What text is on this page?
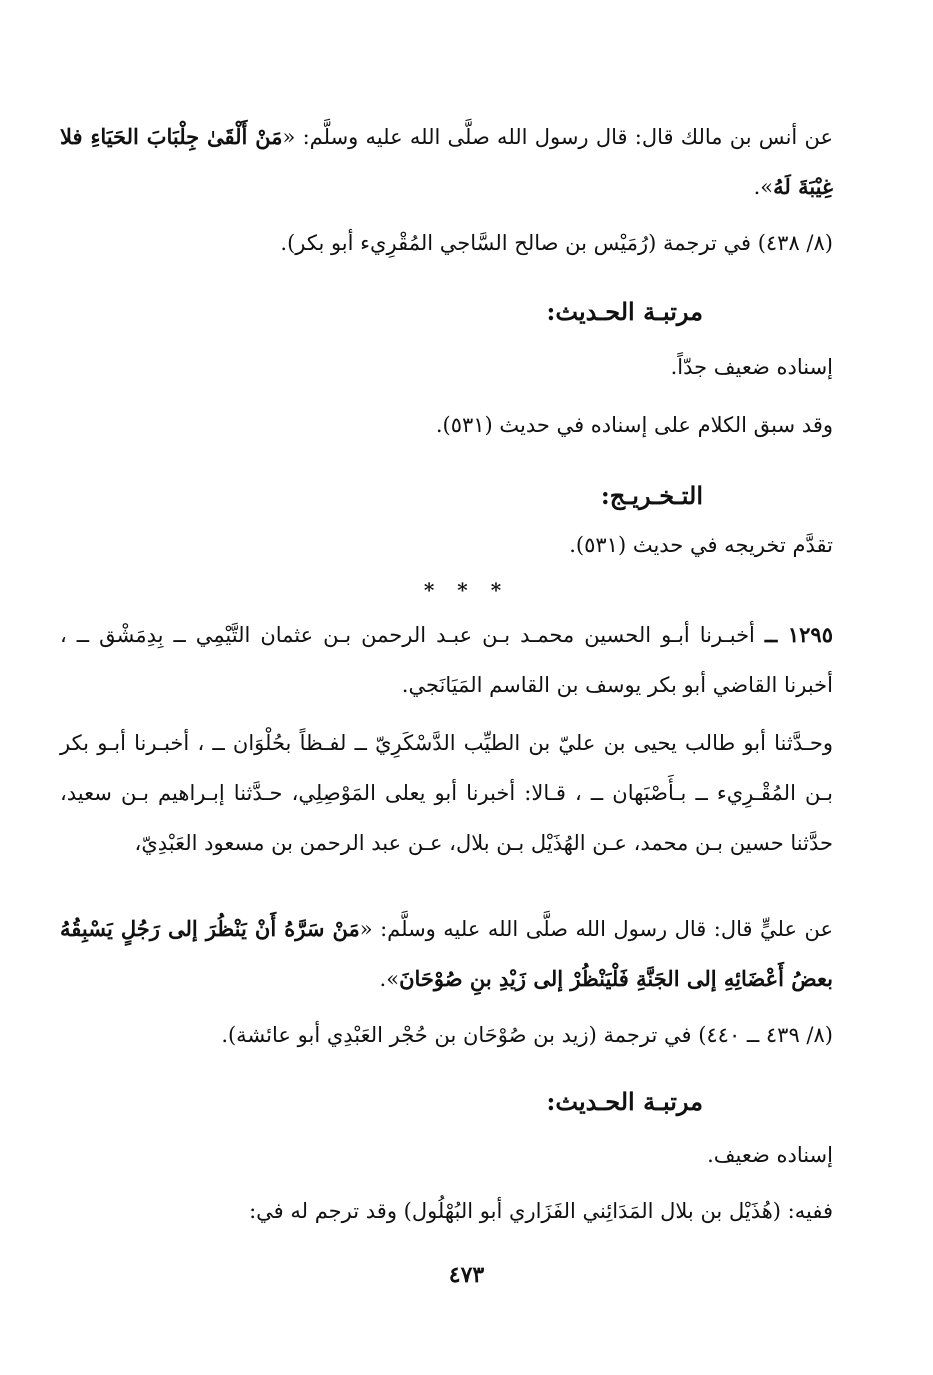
عن أنس بن مالك قال: قال رسول الله صلَّى الله عليه وسلَّم: «مَنْ أَلْقَىٰ جِلْبَابَ الحَيَاءِ فلا غِيْبَةَ لَهُ».

(٨/ ٤٣٨) في ترجمة (رُمَيْس بن صالح السَّاجي المُقْرِيء أبو بكر).

مرتبـة الحـديث:

إسناده ضعيف جدّاً.

وقد سبق الكلام على إسناده في حديث (٥٣١).

التـخـريـج:

تقدَّم تخريجه في حديث (٥٣١).

* * *

١٢٩٥ ــ أخبـرنا أبـو الحسين محمـد بـن عبـد الرحمن بـن عثمان التَّيْمِي ــ بِدِمَشْق ــ ، أخبرنا القاضي أبو بكر يوسف بن القاسم المَيَانَجي.

وحـدَّثنا أبو طالب يحيى بن عليّ بن الطيِّب الدَّسْكَرِيّ ــ لفـظاً بحُلْوَان ــ ، أخبـرنا أبـو بكر بـن المُقْـرِيء ــ بـأَصْبَهان ــ ، قـالا: أخبرنا أبو يعلى المَوْصِلِي، حـدَّثنا إبـراهيم بـن سعيد، حدَّثنا حسين بـن محمد، عـن الهُذَيْل بـن بلال، عـن عبد الرحمن بن مسعود العَبْدِيّ،

عن عليٍّ قال: قال رسول الله صلَّى الله عليه وسلَّم: «مَنْ سَرَّهُ أَنْ يَنْظُرَ إلى رَجُلٍ يَسْبِقُهُ بعضُ أَعْضَائِهِ إلى الجَنَّةِ فَلْيَنْظُرْ إلى زَيْدِ بنِ صُوْحَانَ».

(٨/ ٤٣٩ ــ ٤٤٠) في ترجمة (زيد بن صُوْحَان بن حُجْر العَبْدِي أبو عائشة).

مرتبـة الحـديث:

إسناده ضعيف.

ففيه: (هُذَيْل بن بلال المَدَائِني الفَزَاري أبو البُهْلُول) وقد ترجم له في:

٤٧٣
